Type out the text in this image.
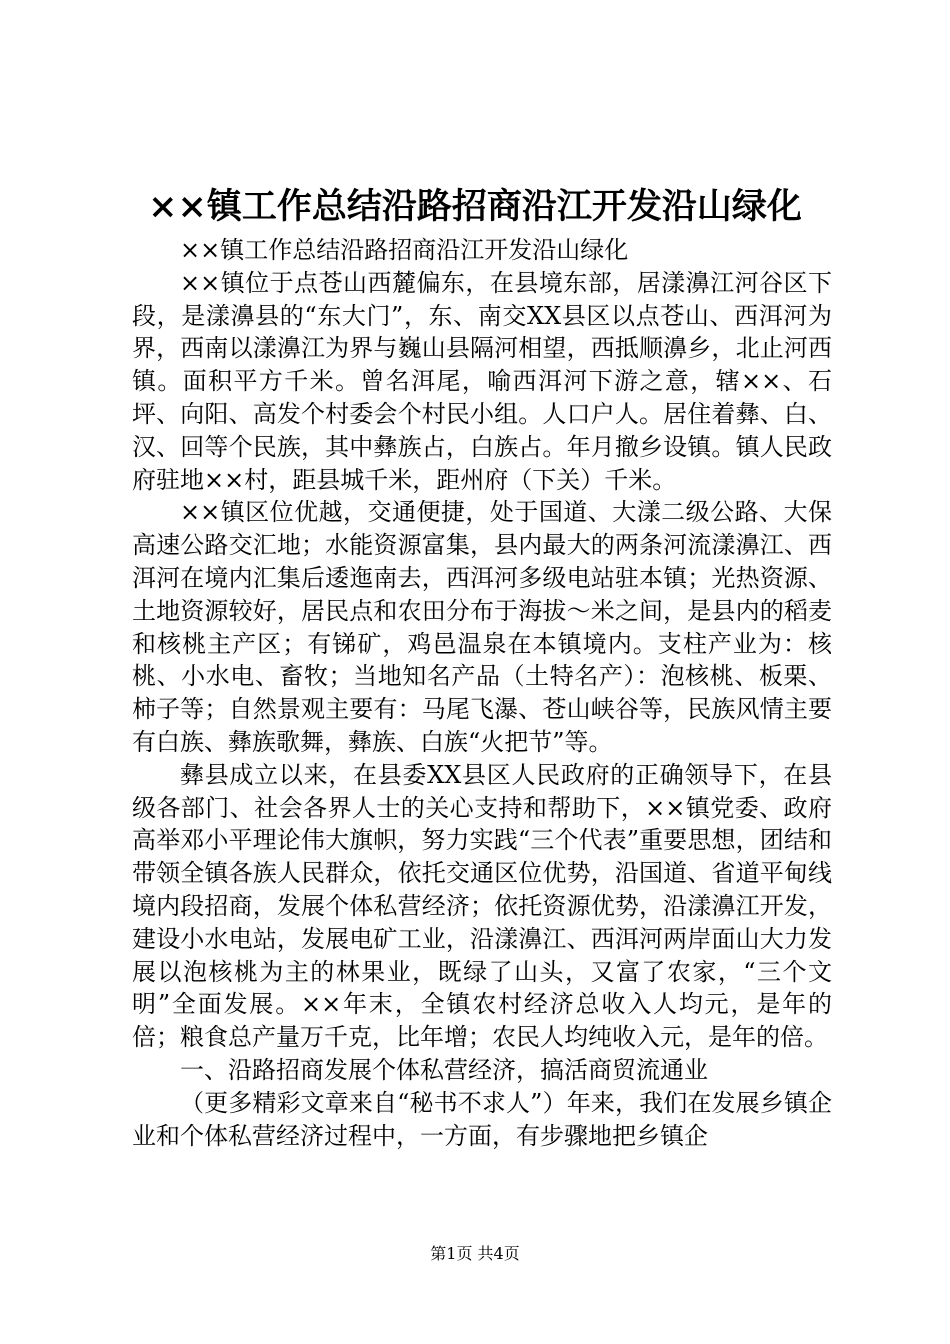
××镇工作总结沿路招商沿江开发沿山绿化

××镇工作总结沿路招商沿江开发沿山绿化

××镇位于点苍山西麓偏东，在县境东部，居漾濞江河谷区下段，是漾濞县的“东大门”，东、南交XX县区以点苍山、西洱河为界，西南以漾濞江为界与巍山县隔河相望，西抵顺濞乡，北止河西镇。面积平方千米。曾名洱尾，喻西洱河下游之意，辖××、石坪、向阳、高发个村委会个村民小组。人口户人。居住着彝、白、汉、回等个民族，其中彝族占，白族占。年月撤乡设镇。镇人民政府驻地××村，距县城千米，距州府（下关）千米。

××镇区位优越，交通便捷，处于国道、大漾二级公路、大保高速公路交汇地；水能资源富集，县内最大的两条河流漾濞江、西洱河在境内汇集后逶迤南去，西洱河多级电站驻本镇；光热资源、土地资源较好，居民点和农田分布于海拔～米之间，是县内的稻麦和核桃主产区；有锑矿，鸡邑温泉在本镇境内。支柱产业为：核桃、小水电、畜牧；当地知名产品（土特名产）：泡核桃、板栗、柿子等；自然景观主要有：马尾飞瀑、苍山峡谷等，民族风情主要有白族、彝族歌舞，彝族、白族“火把节”等。

彝县成立以来，在县委XX县区人民政府的正确领导下，在县级各部门、社会各界人士的关心支持和帮助下，××镇党委、政府高举邓小平理论伟大旗帜，努力实践“三个代表”重要思想，团结和带领全镇各族人民群众，依托交通区位优势，沿国道、省道平甸线境内段招商，发展个体私营经济；依托资源优势，沿漾濞江开发，建设小水电站，发展电矿工业，沿漾濞江、西洱河两岸面山大力发展以泡核桃为主的林果业，既绿了山头，又富了农家，“三个文明”全面发展。××年末，全镇农村经济总收入人均元，是年的倍；粮食总产量万千克，比年增；农民人均纯收入元，是年的倍。

一、沿路招商发展个体私营经济，搞活商贸流通业

（更多精彩文章来自“秘书不求人”）年来，我们在发展乡镇企业和个体私营经济过程中，一方面，有步骤地把乡镇企

第1页 共4页
